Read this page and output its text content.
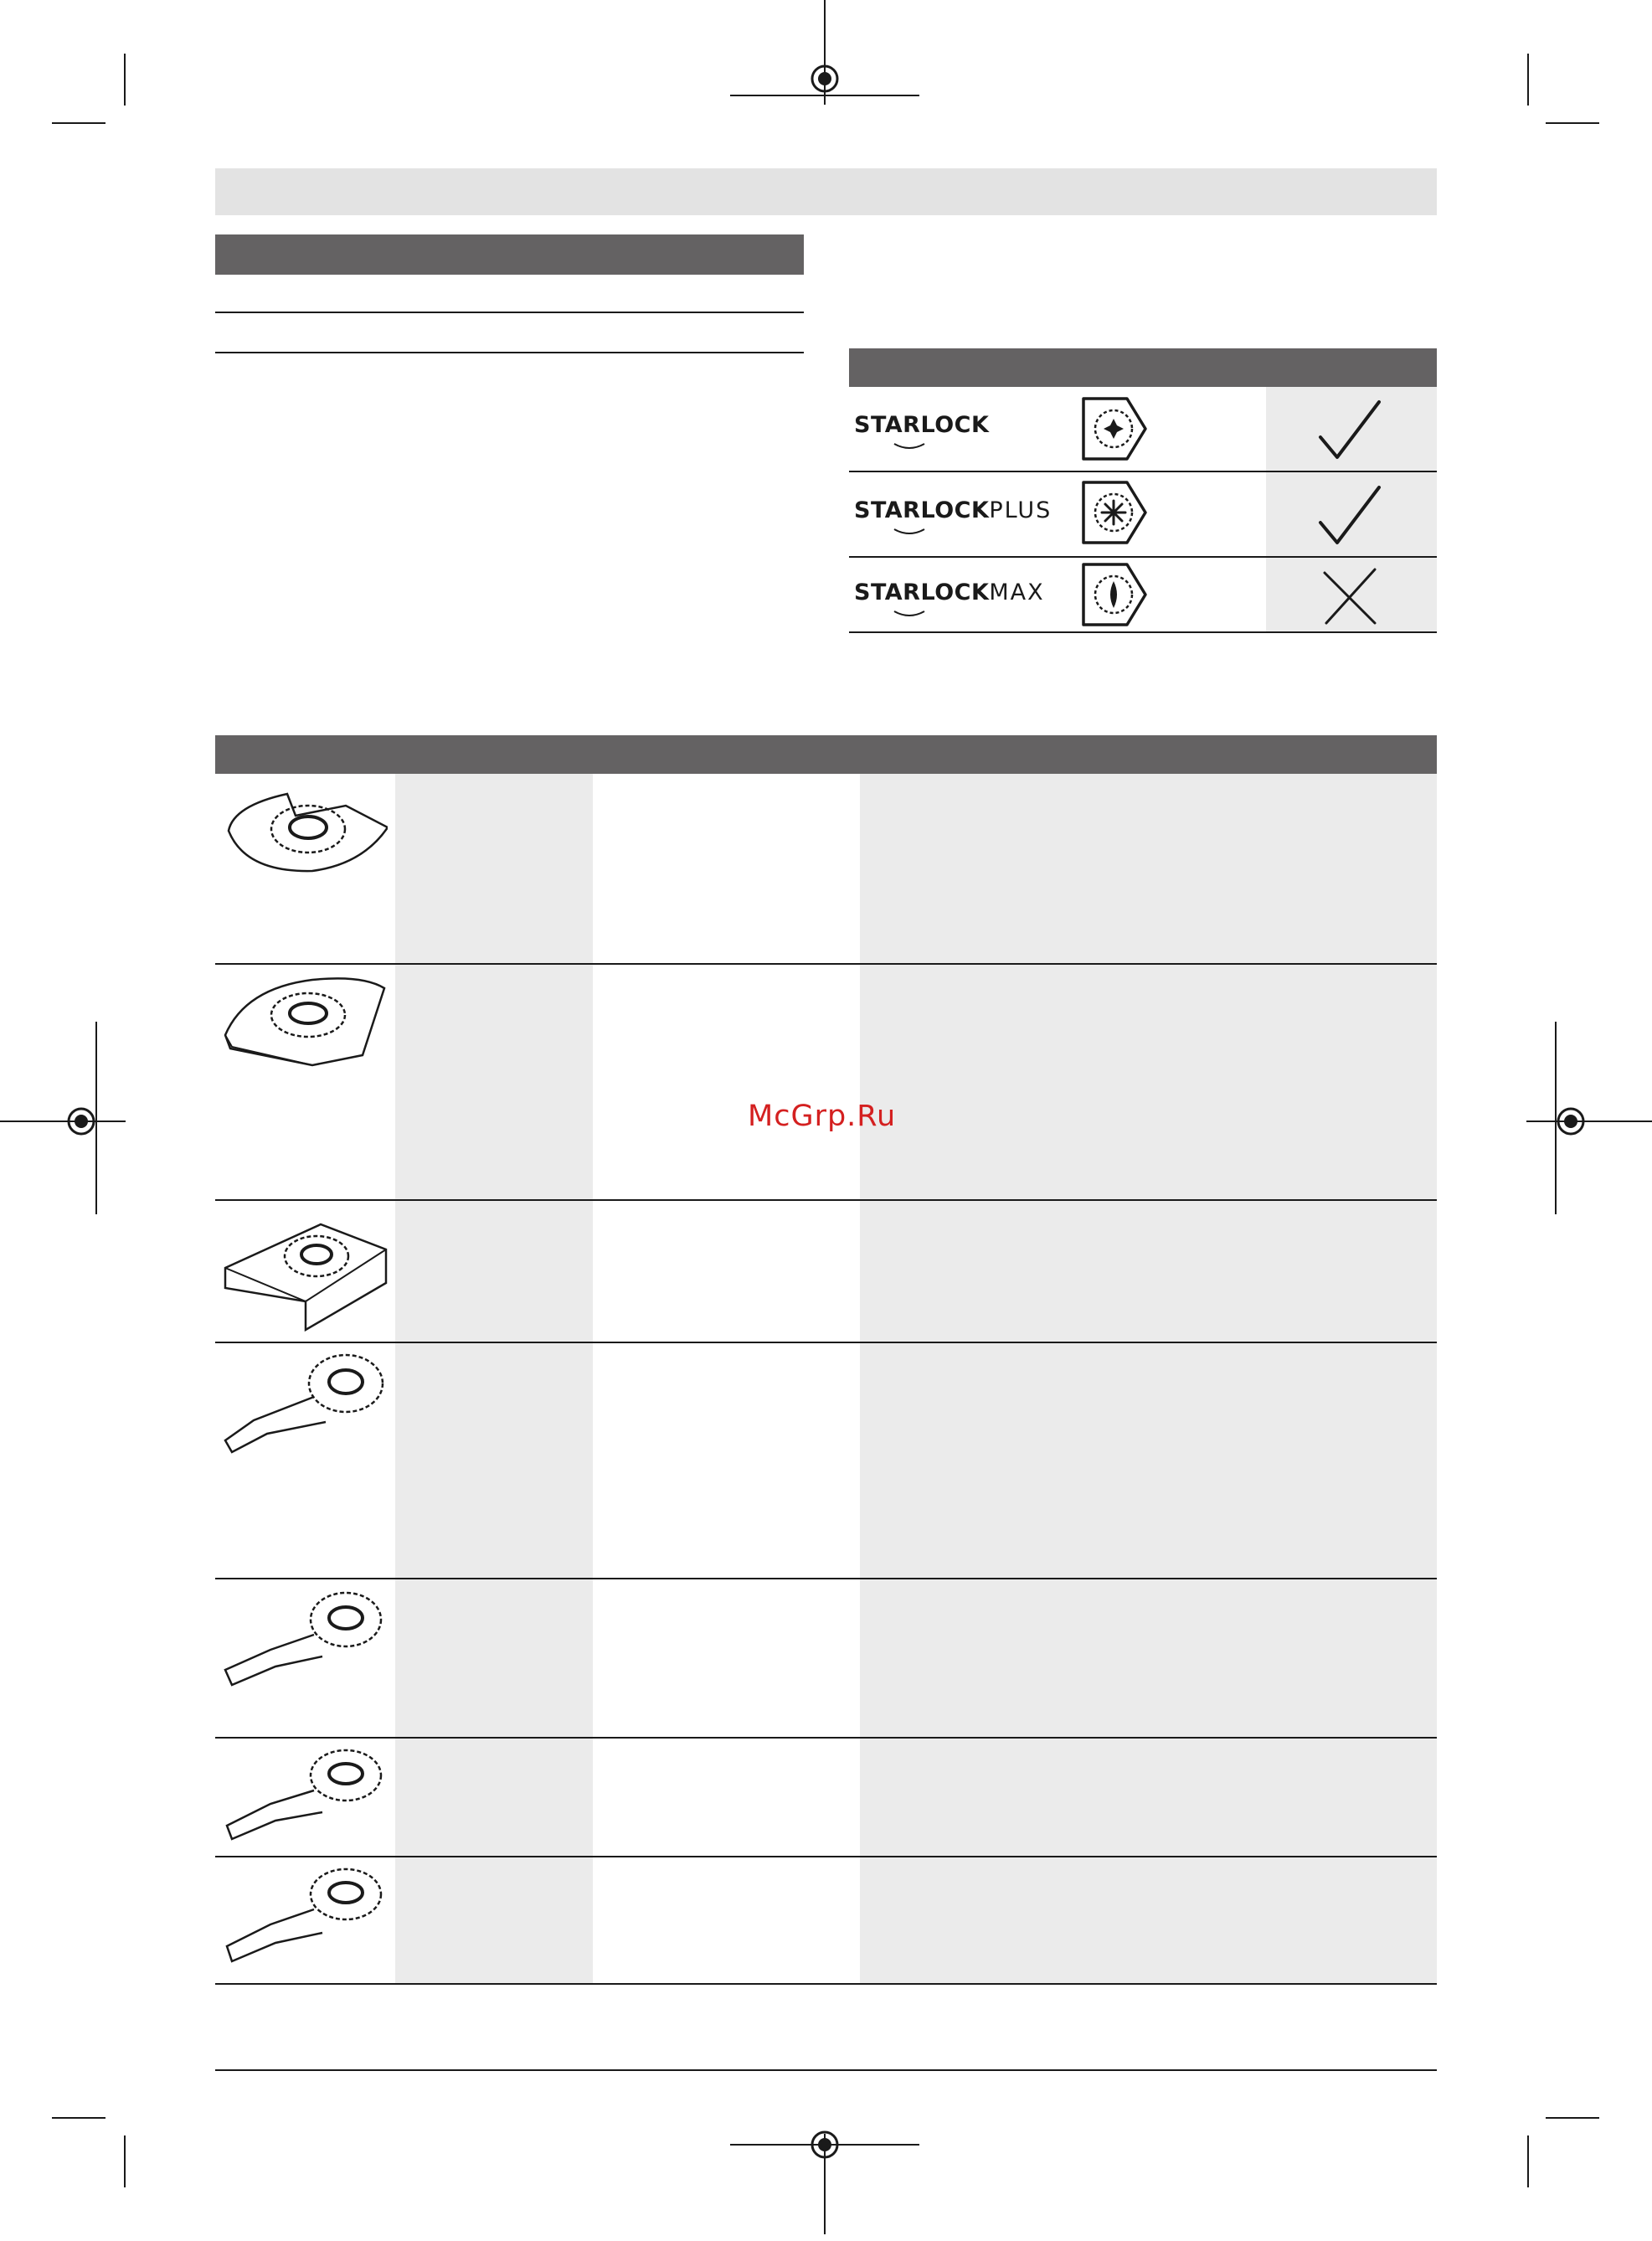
STARLOCK
STARLOCKPLUS
STARLOCKMAX
McGrp.Ru
